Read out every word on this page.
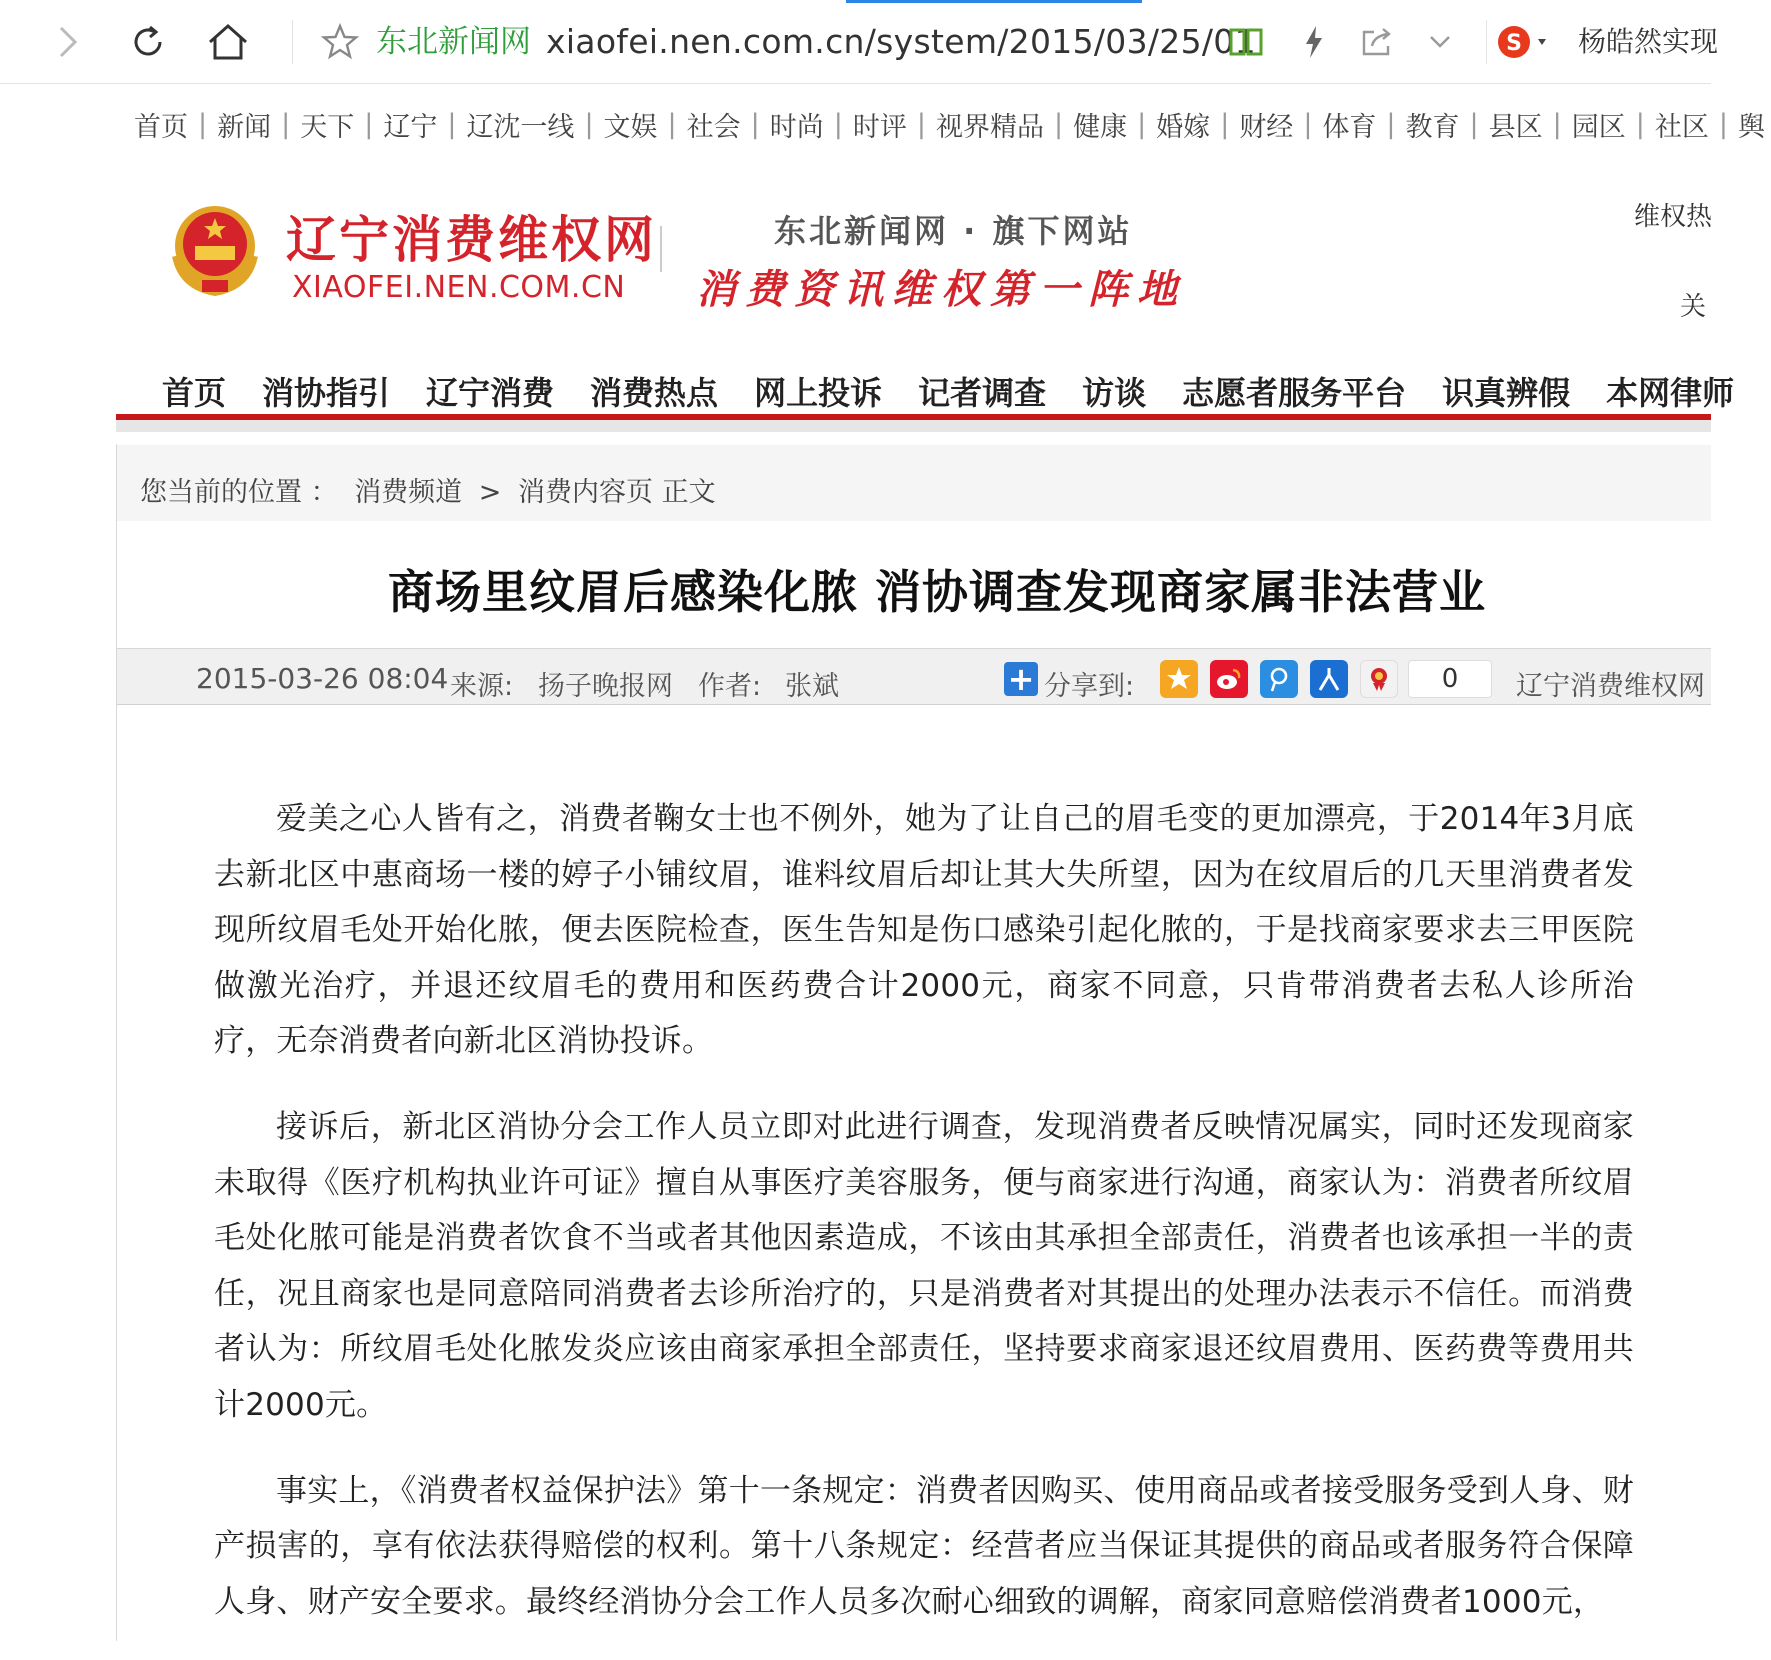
东北新闻网 xiaofei.nen.com.cn/system/2015/03/25/01	S 杨皓然实现
首页 | 新闻 | 天下 | 辽宁 | 辽沈一线 | 文娱 | 社会 | 时尚 | 时评 | 视界精品 | 健康 | 婚嫁 | 财经 | 体育 | 教育 | 县区 | 园区 | 社区 | 舆
辽宁消费维权网
XIAOFEI.NEN.COM.CN
东北新闻网 · 旗下网站
消费资讯维权第一阵地
维权热
关
首页 消协指引 辽宁消费 消费热点 网上投诉 记者调查 访谈 志愿者服务平台 识真辨假 本网律师
您当前的位置 ： 消费频道 > 消费内容页 正文
商场里纹眉后感染化脓 消协调查发现商家属非法营业
2015-03-26 08:04 来源: 扬子晚报网 作者: 张斌	+ 分享到:	0	辽宁消费维权网

爱美之心人皆有之，消费者鞠女士也不例外，她为了让自己的眉毛变的更加漂亮，于2014年3月底去新北区中惠商场一楼的婷子小铺纹眉，谁料纹眉后却让其大失所望，因为在纹眉后的几天里消费者发现所纹眉毛处开始化脓，便去医院检查，医生告知是伤口感染引起化脓的，于是找商家要求去三甲医院做激光治疗，并退还纹眉毛的费用和医药费合计2000元，商家不同意，只肯带消费者去私人诊所治疗，无奈消费者向新北区消协投诉。

接诉后，新北区消协分会工作人员立即对此进行调查，发现消费者反映情况属实，同时还发现商家未取得《医疗机构执业许可证》擅自从事医疗美容服务，便与商家进行沟通，商家认为：消费者所纹眉毛处化脓可能是消费者饮食不当或者其他因素造成，不该由其承担全部责任，消费者也该承担一半的责任，况且商家也是同意陪同消费者去诊所治疗的，只是消费者对其提出的处理办法表示不信任。而消费者认为：所纹眉毛处化脓发炎应该由商家承担全部责任，坚持要求商家退还纹眉费用、医药费等费用共计2000元。

事实上，《消费者权益保护法》第十一条规定：消费者因购买、使用商品或者接受服务受到人身、财产损害的，享有依法获得赔偿的权利。第十八条规定：经营者应当保证其提供的商品或者服务符合保障人身、财产安全要求。最终经消协分会工作人员多次耐心细致的调解，商家同意赔偿消费者1000元，
